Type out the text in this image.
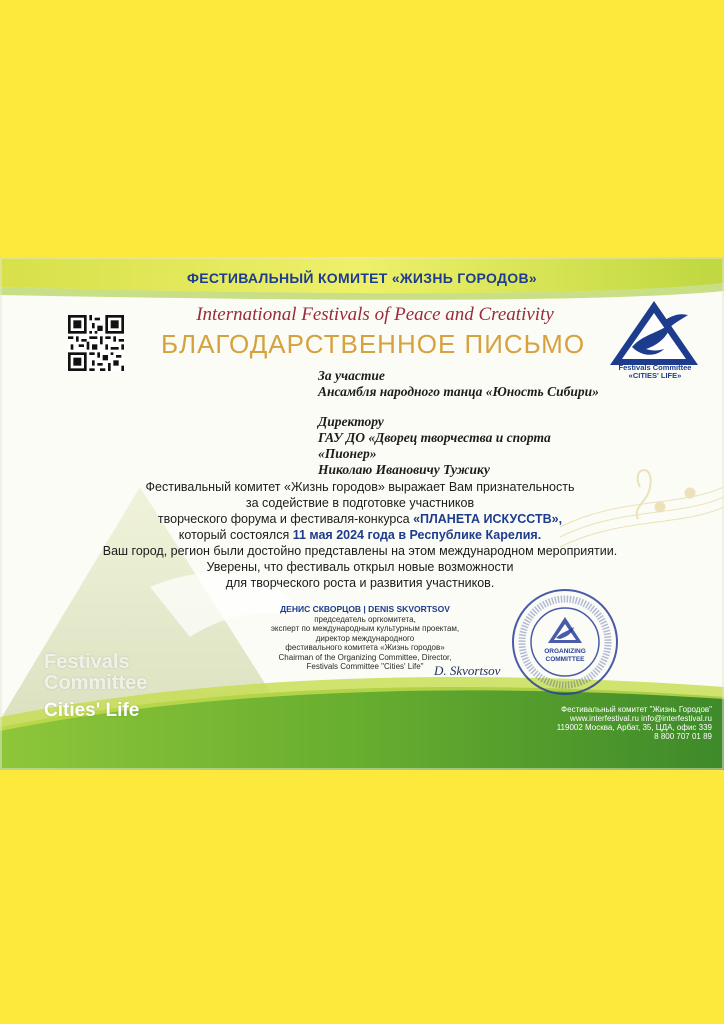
ФЕСТИВАЛЬНЫЙ КОМИТЕТ «ЖИЗНЬ ГОРОДОВ»
International Festivals of Peace and Creativity
БЛАГОДАРСТВЕННОЕ ПИСЬМО
Festivals Committee
«CITIES' LIFE»
За участие
Ансамбля народного танца «Юность Сибири»
Директору
ГАУ ДО «Дворец творчества и спорта
«Пионер»
Николаю Ивановичу Тужику
Фестивальный комитет «Жизнь городов» выражает Вам признательность
за содействие в подготовке участников
творческого форума и фестиваля-конкурса «ПЛАНЕТА ИСКУССТВ»,
который состоялся 11 мая 2024 года в Республике Карелия.
Ваш город, регион были достойно представлены на этом международном мероприятии.
Уверены, что фестиваль открыл новые возможности
для творческого роста и развития участников.
ДЕНИС СКВОРЦОВ | DENIS SKVORTSOV
председатель оргкомитета,
эксперт по международным культурным проектам,
директор международного
фестивального комитета «Жизнь городов»
Chairman of the Organizing Committee, Director,
Festivals Committee "Cities' Life" D. Skvortsov
ORGANIZING
COMMITTEE
Festivals
Committee
Cities' Life	Фестивальный комитет "Жизнь Городов"
www.interfestival.ru info@interfestival.ru
119002 Москва, Арбат, 35, ЦДА, офис 339
8 800 707 01 89
